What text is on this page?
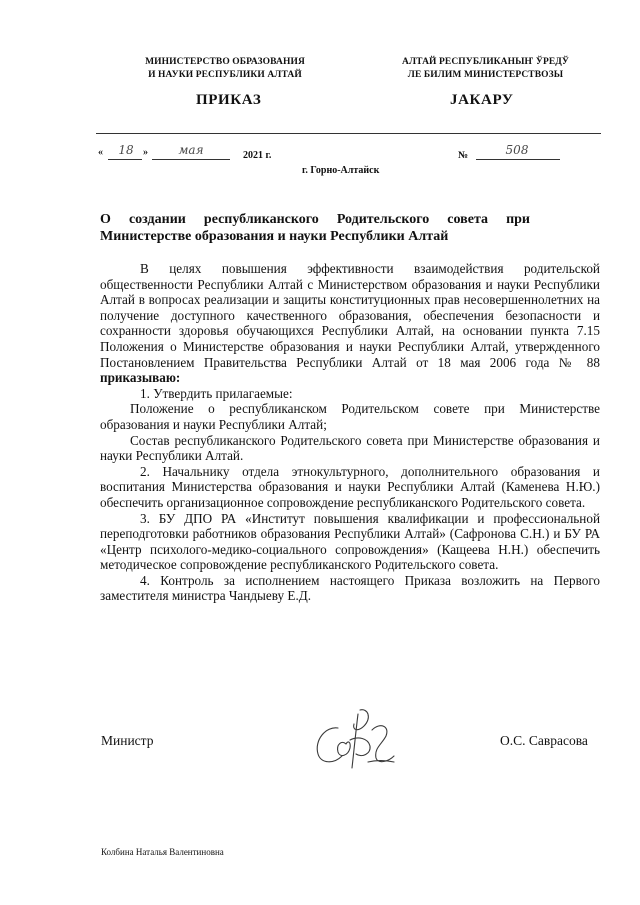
МИНИСТЕРСТВО ОБРАЗОВАНИЯ
И НАУКИ РЕСПУБЛИКИ АЛТАЙ
АЛТАЙ РЕСПУБЛИКАНЫҤ ЎРЕДЎ
ЛЕ БИЛИМ МИНИСТЕРСТВОЗЫ
ПРИКАЗ	JАКАРУ
«	18 »	мая	2021 г.	№	508
г. Горно-Алтайск
О создании республиканского Родительского совета при
Министерстве образования и науки Республики Алтай

В целях повышения эффективности взаимодействия родительской общественности Республики Алтай с Министерством образования и науки Республики Алтай в вопросах реализации и защиты конституционных прав несовершеннолетних на получение доступного качественного образования, обеспечения безопасности и сохранности здоровья обучающихся Республики Алтай, на основании пункта 7.15 Положения о Министерстве образования и науки Республики Алтай, утвержденного Постановлением Правительства Республики Алтай от 18 мая 2006 года № 88 приказываю:

1. Утвердить прилагаемые:

Положение о республиканском Родительском совете при Министерстве образования и науки Республики Алтай;

Состав республиканского Родительского совета при Министерстве образования и науки Республики Алтай.

2. Начальнику отдела этнокультурного, дополнительного образования и воспитания Министерства образования и науки Республики Алтай (Каменева Н.Ю.) обеспечить организационное сопровождение республиканского Родительского совета.

3. БУ ДПО РА «Институт повышения квалификации и профессиональной переподготовки работников образования Республики Алтай» (Сафронова С.Н.) и БУ РА «Центр психолого-медико-социального сопровождения» (Кащеева Н.Н.) обеспечить методическое сопровождение республиканского Родительского совета.

4. Контроль за исполнением настоящего Приказа возложить на Первого заместителя министра Чандыеву Е.Д.

Министр	О.С. Саврасова
Колбина Наталья Валентиновна
